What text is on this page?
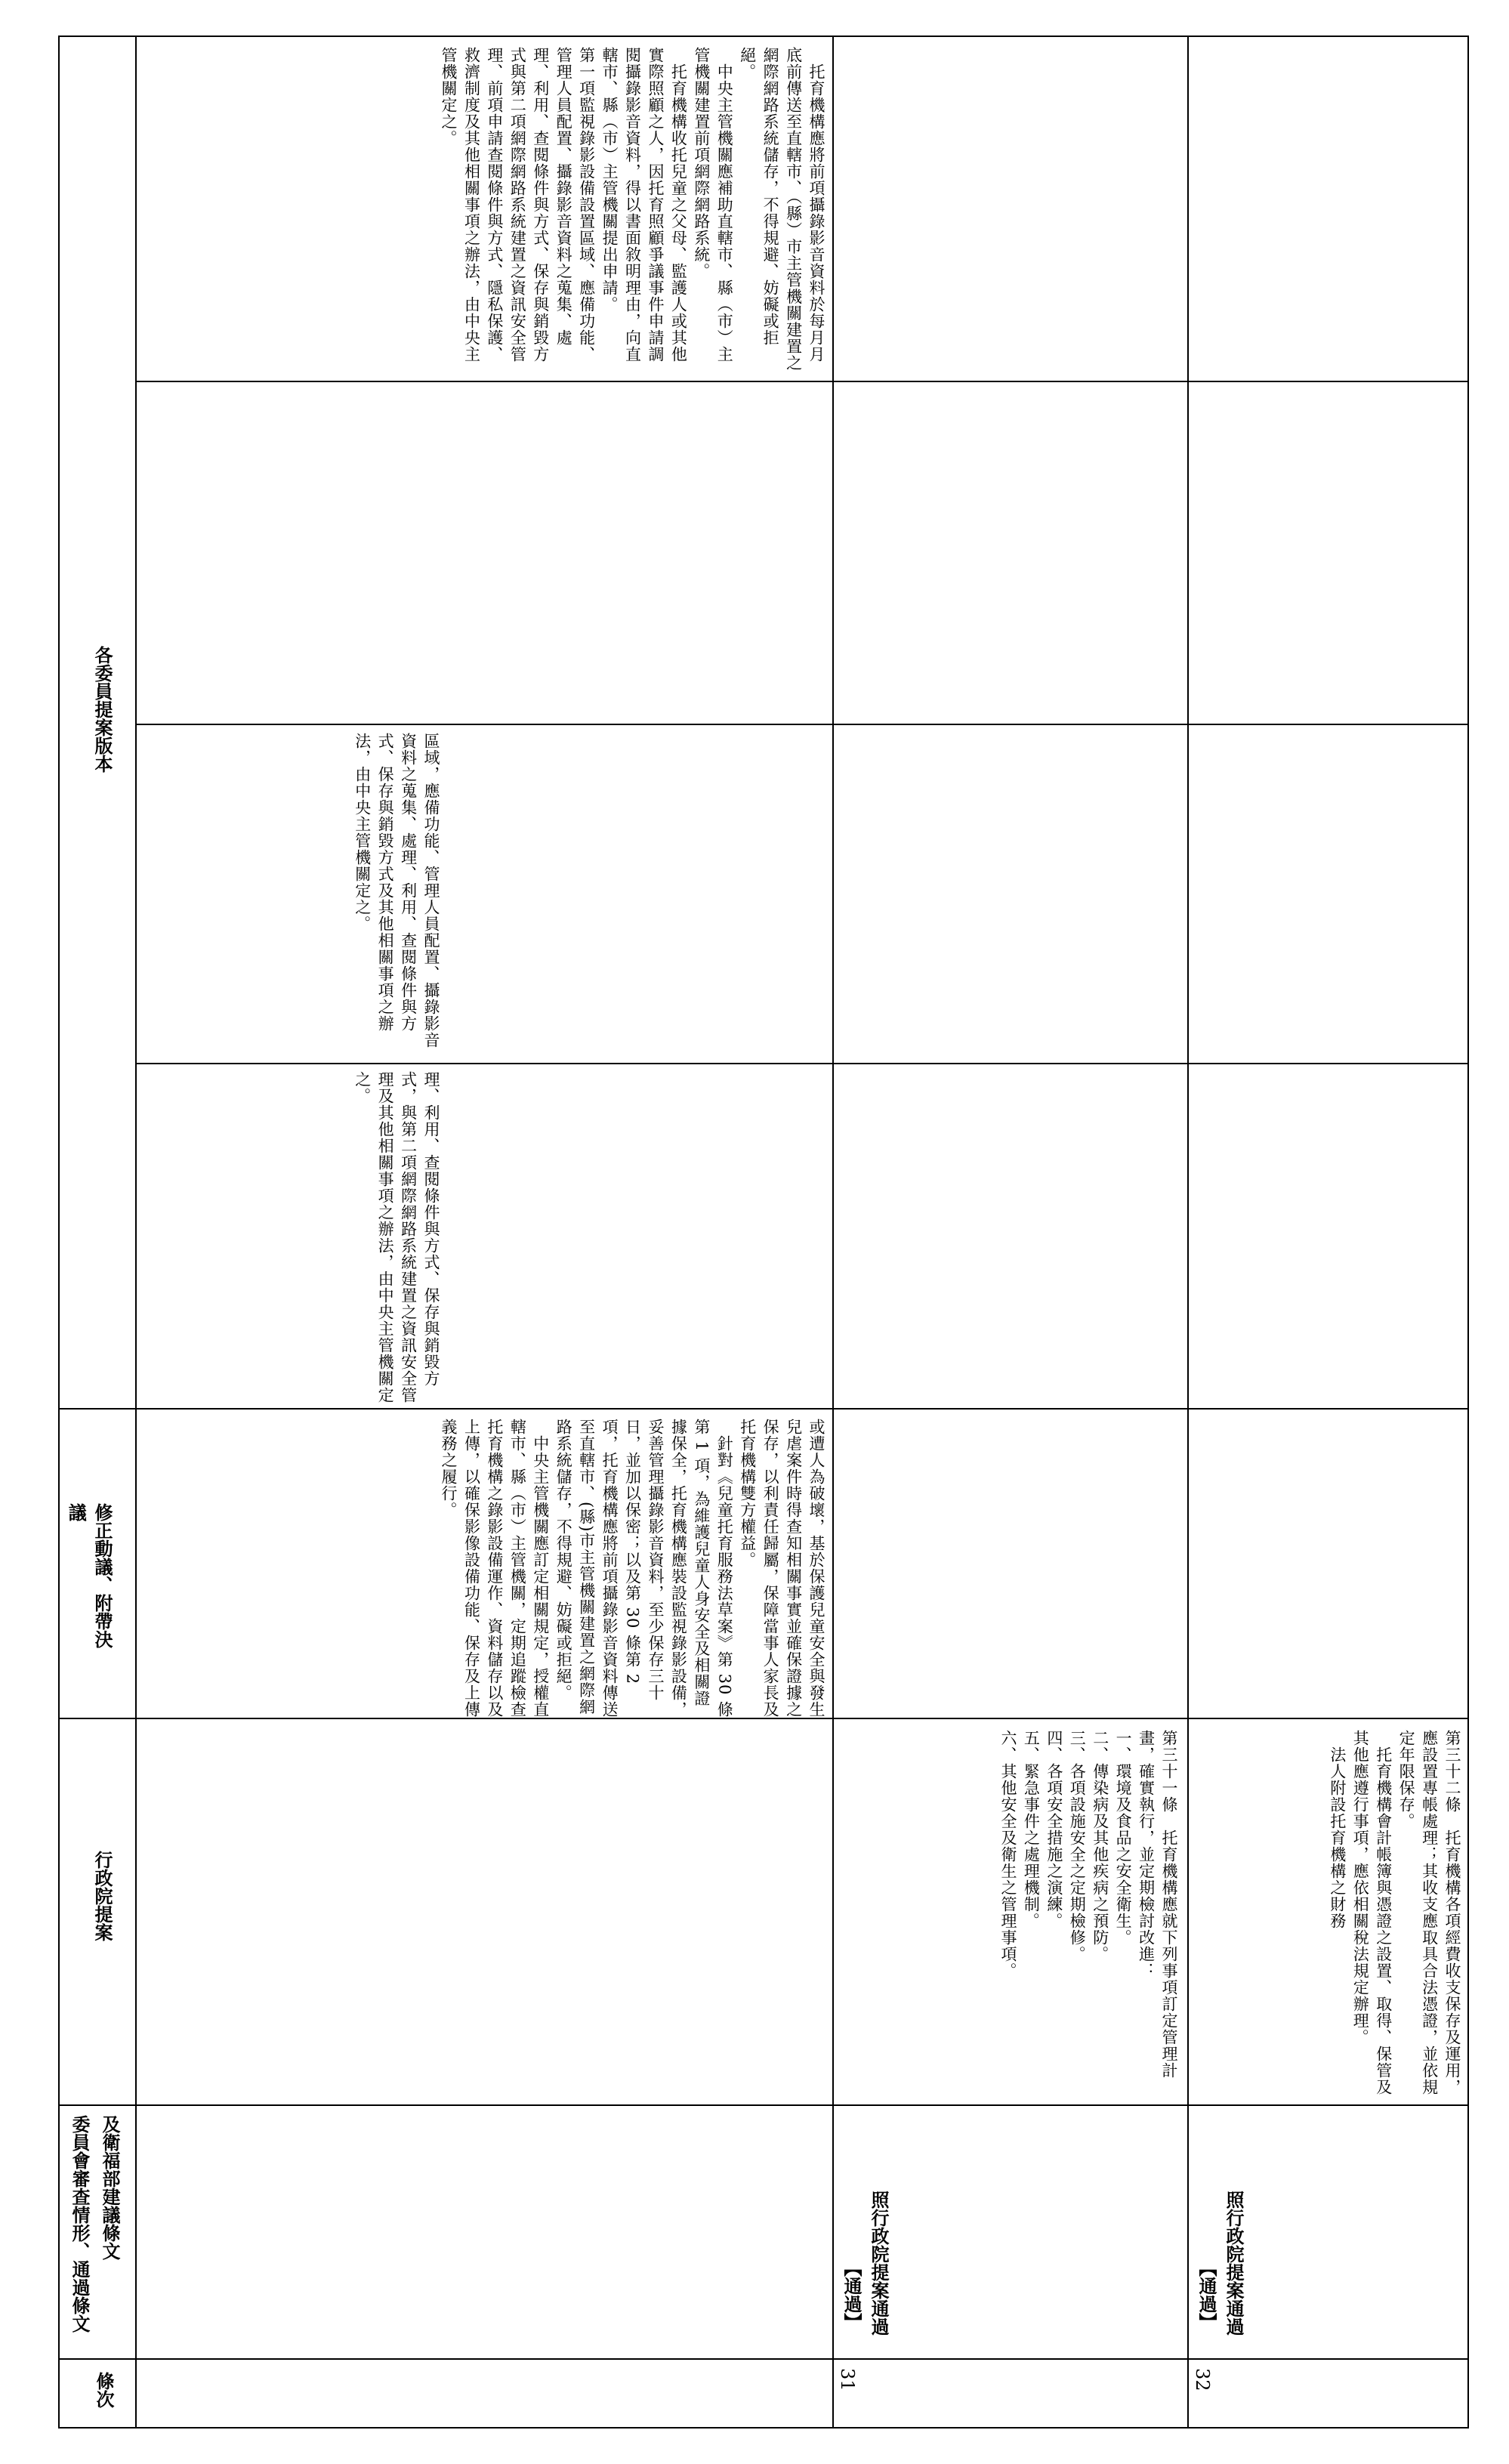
條次
委員會審查情形、通過條文 及衛福部建議條文
行政院提案
修正動議、附帶決議
各委員提案版本
或遭人為破壞，基於保護兒童安全與發生兒虐案件時得查知相關事實並確保證據之保存，以利責任歸屬，保障當事人家長及托育機構雙方權益。
　針對《兒童托育服務法草案》第 30 條第 1 項，為維護兒童人身安全及相關證據保全，托育機構應裝設監視錄影設備，妥善管理攝錄影音資料，至少保存三十日，並加以保密；以及第 30 條第 2 項，托育機構應將前項攝錄影音資料傳送至直轄市、(縣)市主管機關建置之網際網路系統儲存，不得規避、妨礙或拒絕。
　中央主管機關應訂定相關規定，授權直轄市、縣（市）主管機關，定期追蹤檢查托育機構之錄影設備運作、資料儲存以及上傳，以確保影像設備功能、保存及上傳義務之履行。
理、利用、查閱條件與方式、保存與銷毀方式，與第二項網際網路系統建置之資訊安全管理及其他相關事項之辦法，由中央主管機關定之。
區域，應備功能、管理人員配置、攝錄影音資料之蒐集、處理、利用、查閱條件與方式、保存與銷毀方式及其他相關事項之辦法，由中央主管機關定之。
　托育機構應將前項攝錄影音資料於每月月底前傳送至直轄市、（縣）市主管機關建置之網際網路系統儲存，不得規避、妨礙或拒絕。
　中央主管機關應補助直轄市、縣（市）主管機關建置前項網際網路系統。
　托育機構收托兒童之父母、監護人或其他實際照顧之人，因托育照顧爭議事件申請調閱攝錄影音資料，得以書面敘明理由，向直轄市、縣（市）主管機關提出申請。
第一項監視錄影設備設置區域、應備功能、管理人員配置、攝錄影音資料之蒐集、處理、利用、查閱條件與方式、保存與銷毀方式與第二項網際網路系統建置之資訊安全管理、前項申請查閱條件與方式、隱私保護、救濟制度及其他相關事項之辦法，由中央主管機關定之。
31
【通過】 照行政院提案通過
第三十一條　托育機構應就下列事項訂定管理計畫，確實執行，並定期檢討改進：
一、環境及食品之安全衛生。
二、傳染病及其他疾病之預防。
三、各項設施安全之定期檢修。
四、各項安全措施之演練。
五、緊急事件之處理機制。
六、其他安全及衛生之管理事項。
32
【通過】 照行政院提案通過
第三十二條　托育機構各項經費收支保存及運用，應設置專帳處理；其收支應取具合法憑證，並依規定年限保存。
　托育機構會計帳簿與憑證之設置、取得、保管及其他應遵行事項，應依相關稅法規定辦理。
　法人附設托育機構之財務
